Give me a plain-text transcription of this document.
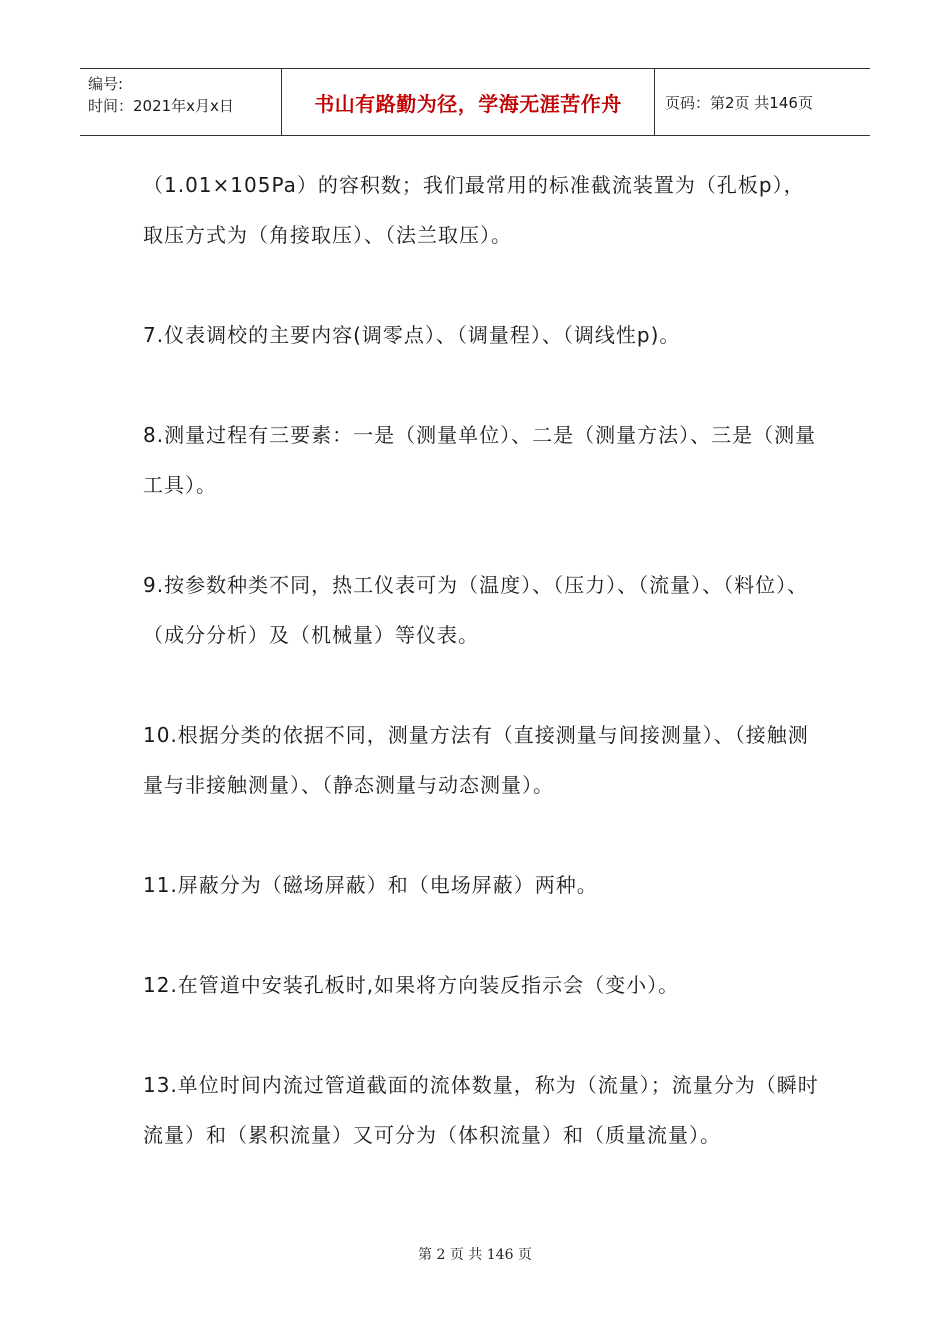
编号:
时间：2021年x月x日	书山有路勤为径，学海无涯苦作舟	页码：第2页 共146页

（1.01×105Pa）的容积数；我们最常用的标准截流装置为（孔板p），取压方式为（角接取压）、（法兰取压）。

7.仪表调校的主要内容(调零点）、（调量程）、（调线性p)。

8.测量过程有三要素：一是（测量单位）、二是（测量方法）、三是（测量工具）。

9.按参数种类不同，热工仪表可为（温度）、（压力）、（流量）、（料位）、（成分分析）及（机械量）等仪表。

10.根据分类的依据不同，测量方法有（直接测量与间接测量）、（接触测量与非接触测量）、（静态测量与动态测量）。

11.屏蔽分为（磁场屏蔽）和（电场屏蔽）两种。

12.在管道中安装孔板时,如果将方向装反指示会（变小）。

13.单位时间内流过管道截面的流体数量，称为（流量）；流量分为（瞬时流量）和（累积流量）又可分为（体积流量）和（质量流量）。

第 2 页 共 146 页
